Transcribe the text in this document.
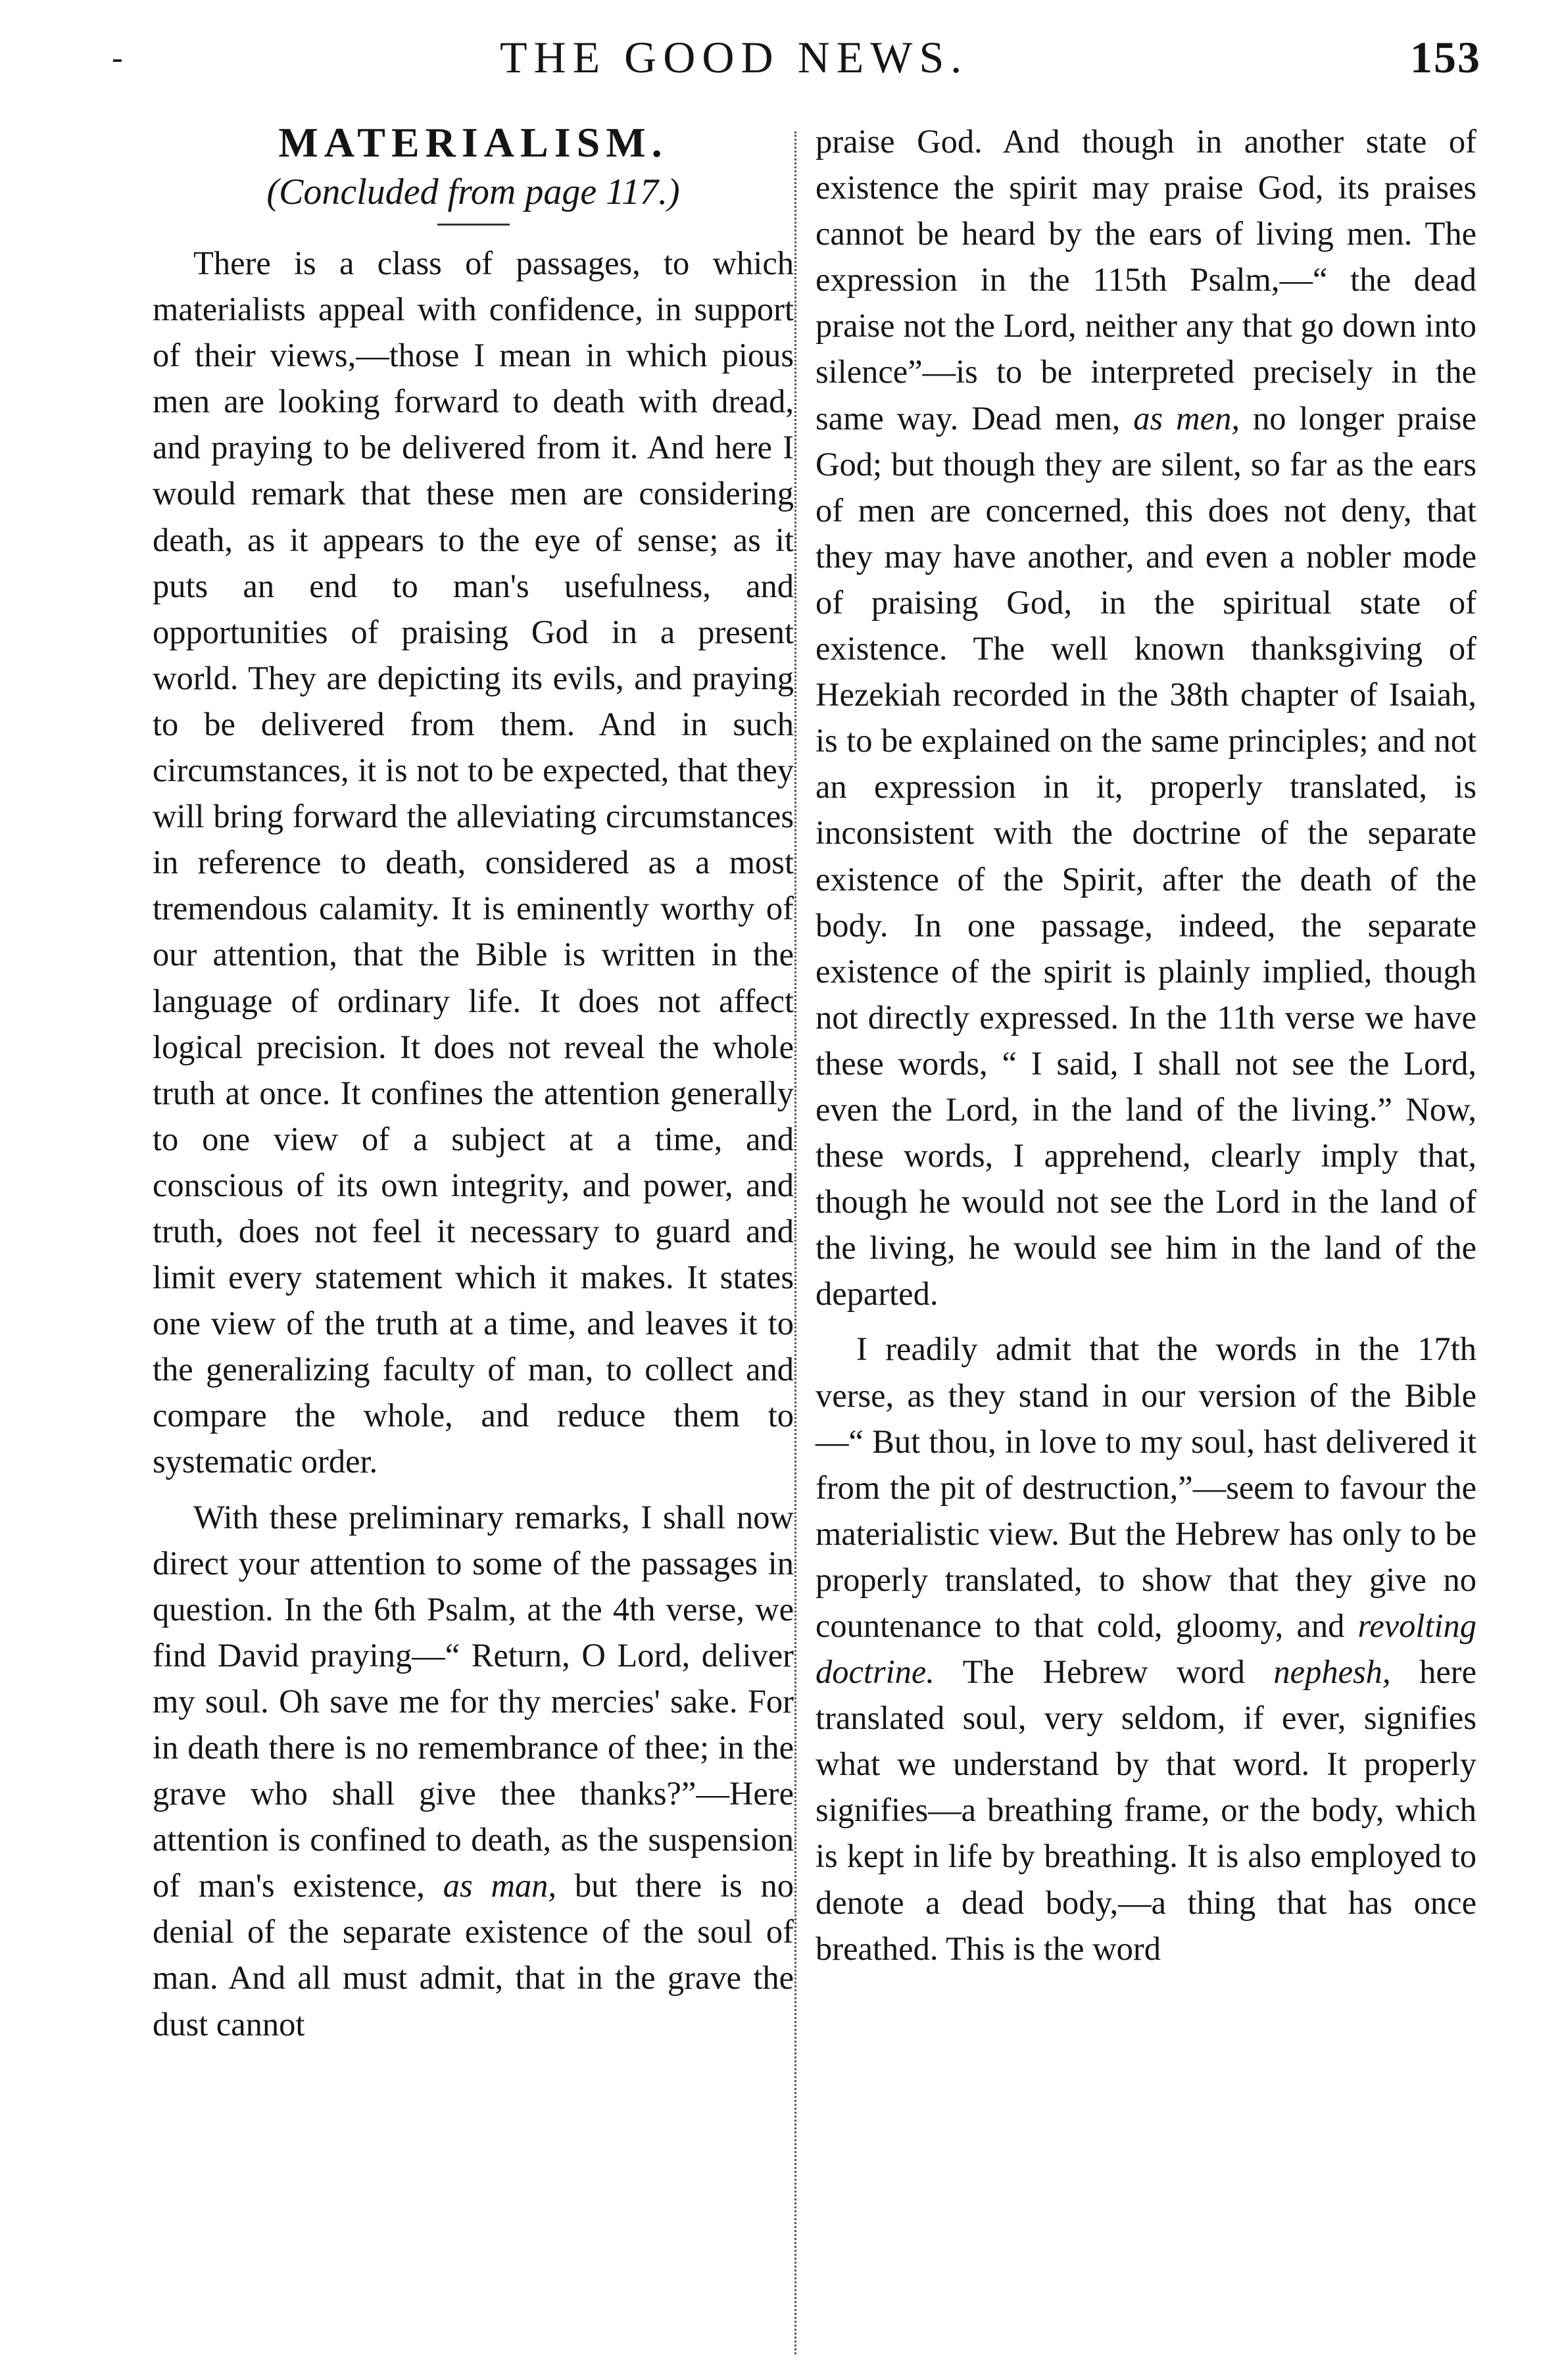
-	THE GOOD NEWS.	153
MATERIALISM.

(Concluded from page 117.)

There is a class of passages, to which materialists appeal with confidence, in support of their views,—those I mean in which pious men are looking forward to death with dread, and praying to be delivered from it. And here I would remark that these men are considering death, as it appears to the eye of sense; as it puts an end to man's usefulness, and opportunities of praising God in a present world. They are depicting its evils, and praying to be delivered from them. And in such circumstances, it is not to be expected, that they will bring forward the alleviating circumstances in reference to death, considered as a most tremendous calamity. It is eminently worthy of our attention, that the Bible is written in the language of ordinary life. It does not affect logical precision. It does not reveal the whole truth at once. It confines the attention generally to one view of a subject at a time, and conscious of its own integrity, and power, and truth, does not feel it necessary to guard and limit every statement which it makes. It states one view of the truth at a time, and leaves it to the generalizing faculty of man, to collect and compare the whole, and reduce them to systematic order.

With these preliminary remarks, I shall now direct your attention to some of the passages in question. In the 6th Psalm, at the 4th verse, we find David praying—“ Return, O Lord, deliver my soul. Oh save me for thy mercies' sake. For in death there is no remembrance of thee; in the grave who shall give thee thanks?”—Here attention is confined to death, as the suspension of man's existence, as man, but there is no denial of the separate existence of the soul of man. And all must admit, that in the grave the dust cannot

praise God. And though in another state of existence the spirit may praise God, its praises cannot be heard by the ears of living men. The expression in the 115th Psalm,—“ the dead praise not the Lord, neither any that go down into silence”—is to be interpreted precisely in the same way. Dead men, as men, no longer praise God; but though they are silent, so far as the ears of men are concerned, this does not deny, that they may have another, and even a nobler mode of praising God, in the spiritual state of existence. The well known thanksgiving of Hezekiah recorded in the 38th chapter of Isaiah, is to be explained on the same principles; and not an expression in it, properly translated, is inconsistent with the doctrine of the separate existence of the Spirit, after the death of the body. In one passage, indeed, the separate existence of the spirit is plainly implied, though not directly expressed. In the 11th verse we have these words, “ I said, I shall not see the Lord, even the Lord, in the land of the living.” Now, these words, I apprehend, clearly imply that, though he would not see the Lord in the land of the living, he would see him in the land of the departed.

I readily admit that the words in the 17th verse, as they stand in our version of the Bible—“ But thou, in love to my soul, hast delivered it from the pit of destruction,”—seem to favour the materialistic view. But the Hebrew has only to be properly translated, to show that they give no countenance to that cold, gloomy, and revolting doctrine. The Hebrew word nephesh, here translated soul, very seldom, if ever, signifies what we understand by that word. It properly signifies—a breathing frame, or the body, which is kept in life by breathing. It is also employed to denote a dead body,—a thing that has once breathed. This is the word
